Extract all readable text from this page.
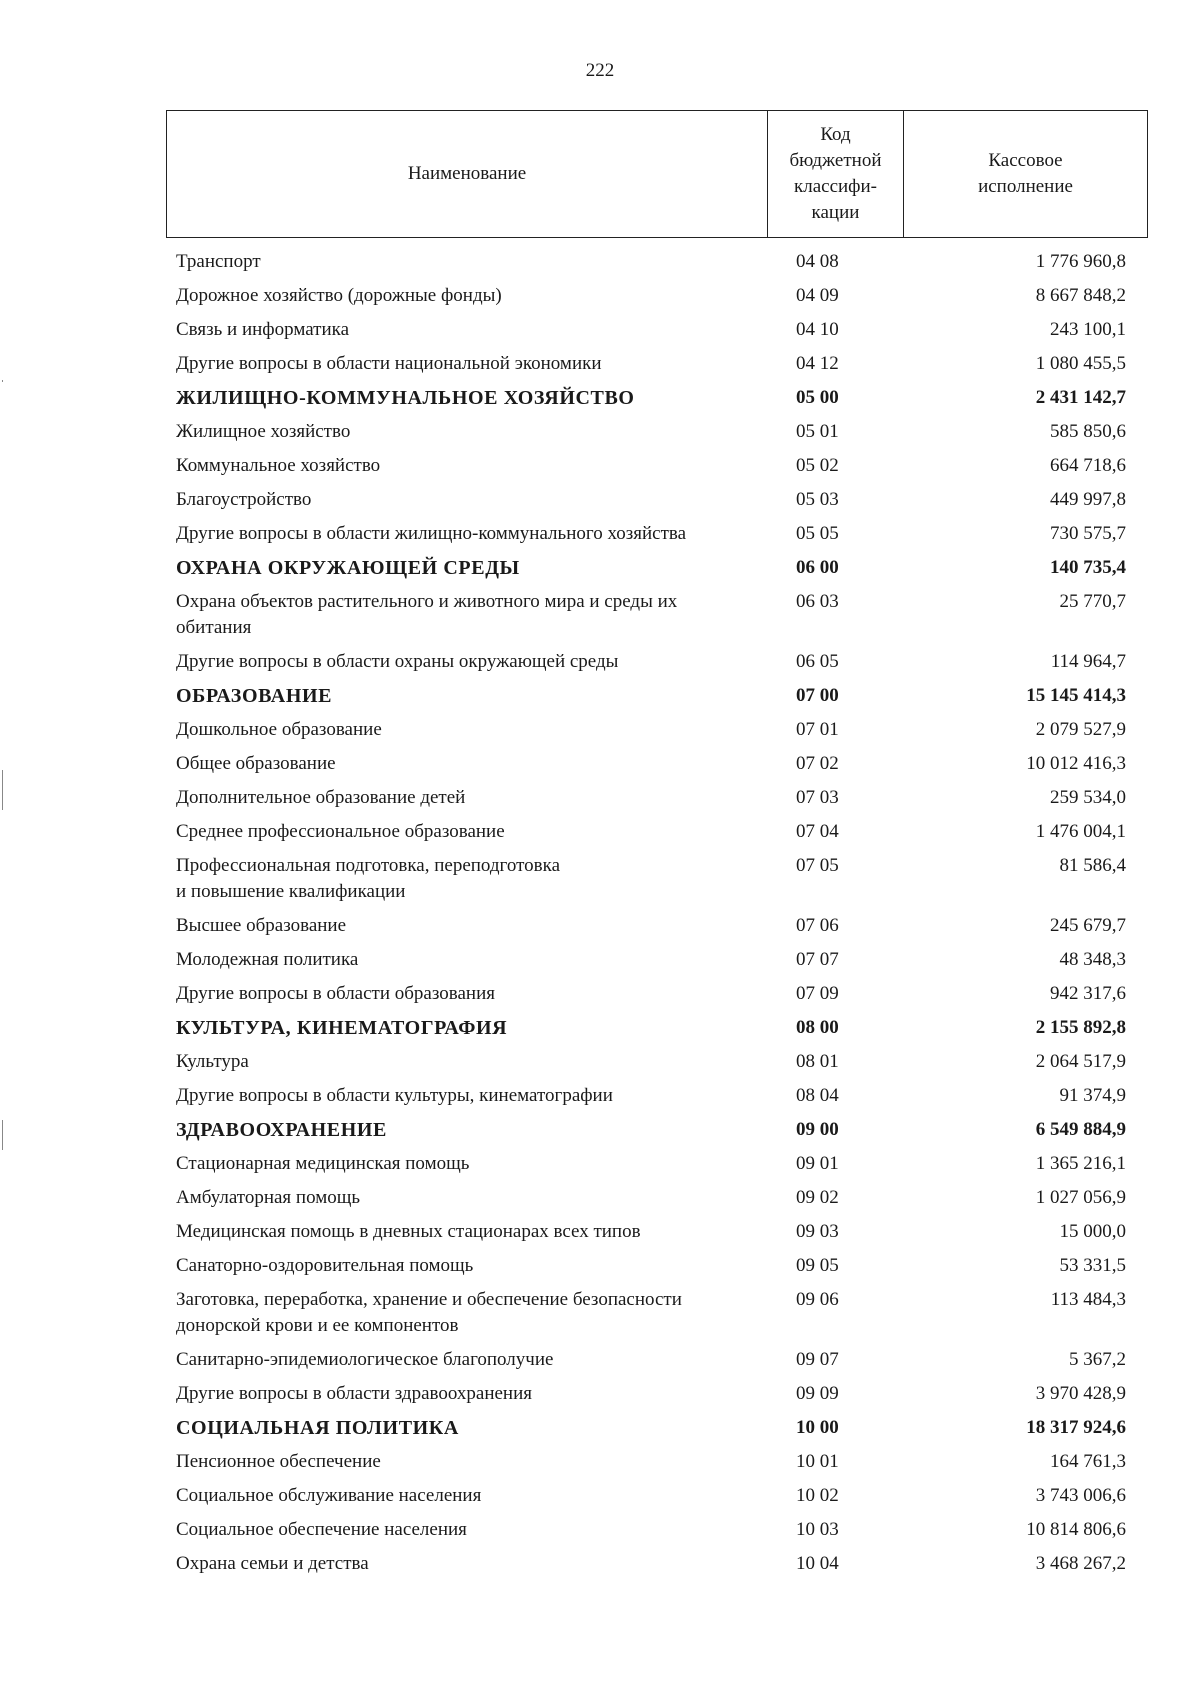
222
Наименование	
Код
бюджетной
классифи-
кации

Кассовое
исполнение
Транспорт	04 08	1 776 960,8
Дорожное хозяйство (дорожные фонды)	04 09	8 667 848,2
Связь и информатика	04 10	243 100,1
Другие вопросы в области национальной экономики	04 12	1 080 455,5
ЖИЛИЩНО-КОММУНАЛЬНОЕ ХОЗЯЙСТВО	05 00	2 431 142,7
Жилищное хозяйство	05 01	585 850,6
Коммунальное хозяйство	05 02	664 718,6
Благоустройство	05 03	449 997,8
Другие вопросы в области жилищно-коммунального хозяйства	05 05	730 575,7
ОХРАНА ОКРУЖАЮЩЕЙ СРЕДЫ	06 00	140 735,4
Охрана объектов растительного и животного мира и среды их
обитания
06 03	25 770,7
Другие вопросы в области охраны окружающей среды	06 05	114 964,7
ОБРАЗОВАНИЕ	07 00	15 145 414,3
Дошкольное образование	07 01	2 079 527,9
Общее образование	07 02	10 012 416,3
Дополнительное образование детей	07 03	259 534,0
Среднее профессиональное образование	07 04	1 476 004,1
Профессиональная подготовка, переподготовка
и повышение квалификации
07 05	81 586,4
Высшее образование	07 06	245 679,7
Молодежная политика	07 07	48 348,3
Другие вопросы в области образования	07 09	942 317,6
КУЛЬТУРА, КИНЕМАТОГРАФИЯ	08 00	2 155 892,8
Культура	08 01	2 064 517,9
Другие вопросы в области культуры, кинематографии	08 04	91 374,9
ЗДРАВООХРАНЕНИЕ	09 00	6 549 884,9
Стационарная медицинская помощь	09 01	1 365 216,1
Амбулаторная помощь	09 02	1 027 056,9
Медицинская помощь в дневных стационарах всех типов	09 03	15 000,0
Санаторно-оздоровительная помощь	09 05	53 331,5
Заготовка, переработка, хранение и обеспечение безопасности
донорской крови и ее компонентов
09 06	113 484,3
Санитарно-эпидемиологическое благополучие	09 07	5 367,2
Другие вопросы в области здравоохранения	09 09	3 970 428,9
СОЦИАЛЬНАЯ ПОЛИТИКА	10 00	18 317 924,6
Пенсионное обеспечение	10 01	164 761,3
Социальное обслуживание населения	10 02	3 743 006,6
Социальное обеспечение населения	10 03	10 814 806,6
Охрана семьи и детства	10 04	3 468 267,2
